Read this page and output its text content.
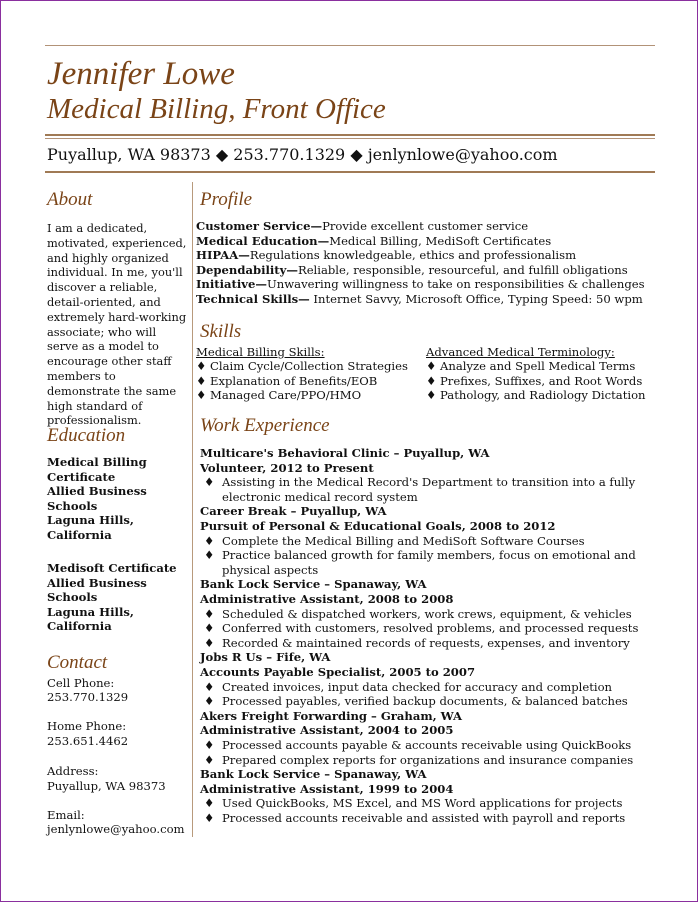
Jennifer Lowe
Medical Billing, Front Office
Puyallup, WA 98373 ◆ 253.770.1329 ◆ jenlynlowe@yahoo.com
About
I am a dedicated,
motivated, experienced,
and highly organized
individual. In me, you'll
discover a reliable,
detail-oriented, and
extremely hard-working
associate; who will
serve as a model to
encourage other staff
members to
demonstrate the same
high standard of
professionalism.
Education
Medical Billing
Certificate
Allied Business
Schools
Laguna Hills,
California
Medisoft Certificate
Allied Business
Schools
Laguna Hills,
California
Contact
Cell Phone:
253.770.1329
Home Phone:
253.651.4462
Address:
Puyallup, WA 98373
Email:
jenlynlowe@yahoo.com
Profile
Customer Service—Provide excellent customer service
Medical Education—Medical Billing, MediSoft Certificates
HIPAA—Regulations knowledgeable, ethics and professionalism
Dependability—Reliable, responsible, resourceful, and fulfill obligations
Initiative—Unwavering willingness to take on responsibilities & challenges
Technical Skills— Internet Savvy, Microsoft Office, Typing Speed: 50 wpm
Skills
Medical Billing Skills:	Advanced Medical Terminology:
♦ Claim Cycle/Collection Strategies
♦ Explanation of Benefits/EOB
♦ Managed Care/PPO/HMO
♦ Analyze and Spell Medical Terms
♦ Prefixes, Suffixes, and Root Words
♦ Pathology, and Radiology Dictation
Work Experience
Multicare's Behavioral Clinic – Puyallup, WA
Volunteer, 2012 to Present
♦ Assisting in the Medical Record's Department to transition into a fully
electronic medical record system
Career Break – Puyallup, WA
Pursuit of Personal & Educational Goals, 2008 to 2012
♦ Complete the Medical Billing and MediSoft Software Courses
♦ Practice balanced growth for family members, focus on emotional and
physical aspects
Bank Lock Service – Spanaway, WA
Administrative Assistant, 2008 to 2008
♦ Scheduled & dispatched workers, work crews, equipment, & vehicles
♦ Conferred with customers, resolved problems, and processed requests
♦ Recorded & maintained records of requests, expenses, and inventory
Jobs R Us – Fife, WA
Accounts Payable Specialist, 2005 to 2007
♦ Created invoices, input data checked for accuracy and completion
♦ Processed payables, verified backup documents, & balanced batches
Akers Freight Forwarding – Graham, WA
Administrative Assistant, 2004 to 2005
♦ Processed accounts payable & accounts receivable using QuickBooks
♦ Prepared complex reports for organizations and insurance companies
Bank Lock Service – Spanaway, WA
Administrative Assistant, 1999 to 2004
♦ Used QuickBooks, MS Excel, and MS Word applications for projects
♦ Processed accounts receivable and assisted with payroll and reports
